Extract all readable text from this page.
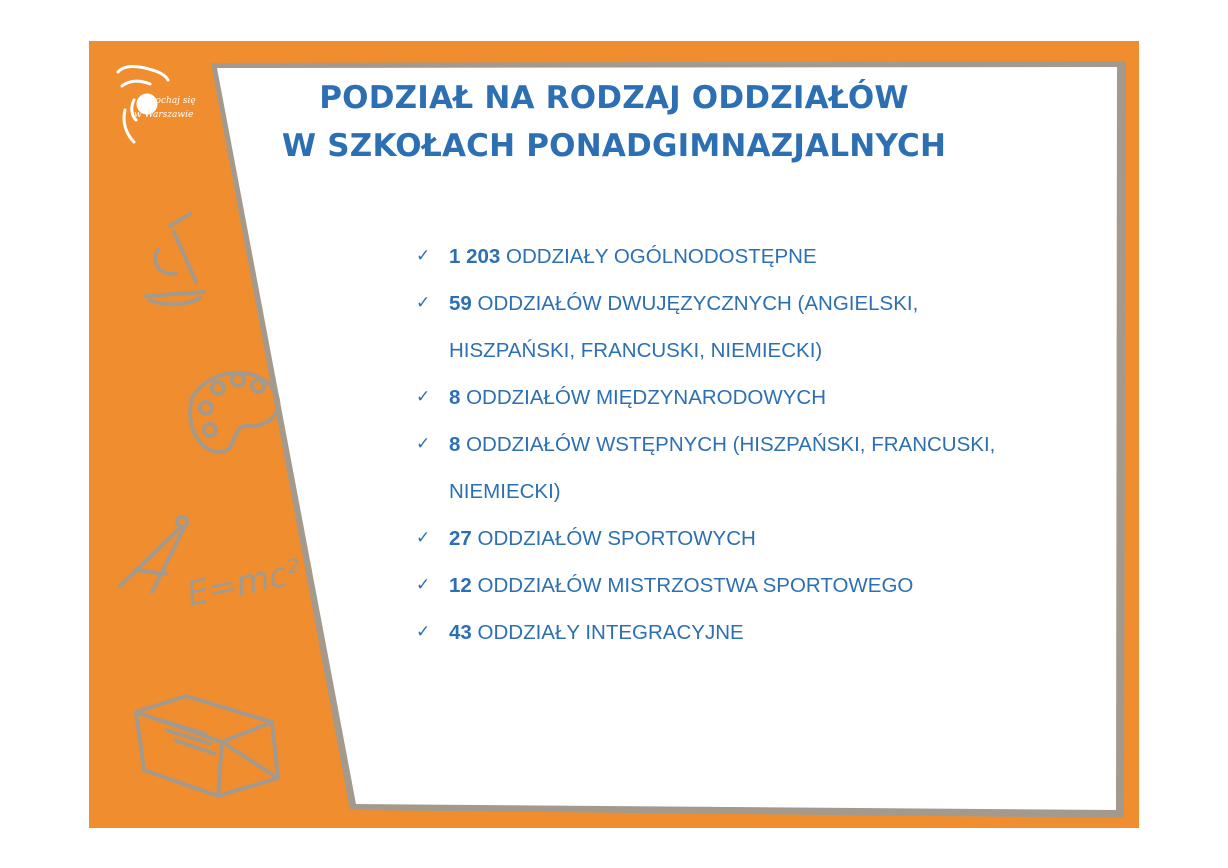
E=mc²
zakochaj się
w Warszawie	PODZIAŁ NA RODZAJ ODDZIAŁÓW
W SZKOŁACH PONADGIMNAZJALNYCH
✓ 1 203 ODDZIAŁY OGÓLNODOSTĘPNE
✓ 59 ODDZIAŁÓW DWUJĘZYCZNYCH (ANGIELSKI,
HISZPAŃSKI, FRANCUSKI, NIEMIECKI)
✓ 8 ODDZIAŁÓW MIĘDZYNARODOWYCH
✓ 8 ODDZIAŁÓW WSTĘPNYCH (HISZPAŃSKI, FRANCUSKI,
NIEMIECKI)
✓ 27 ODDZIAŁÓW SPORTOWYCH
✓ 12 ODDZIAŁÓW MISTRZOSTWA SPORTOWEGO
✓ 43 ODDZIAŁY INTEGRACYJNE
